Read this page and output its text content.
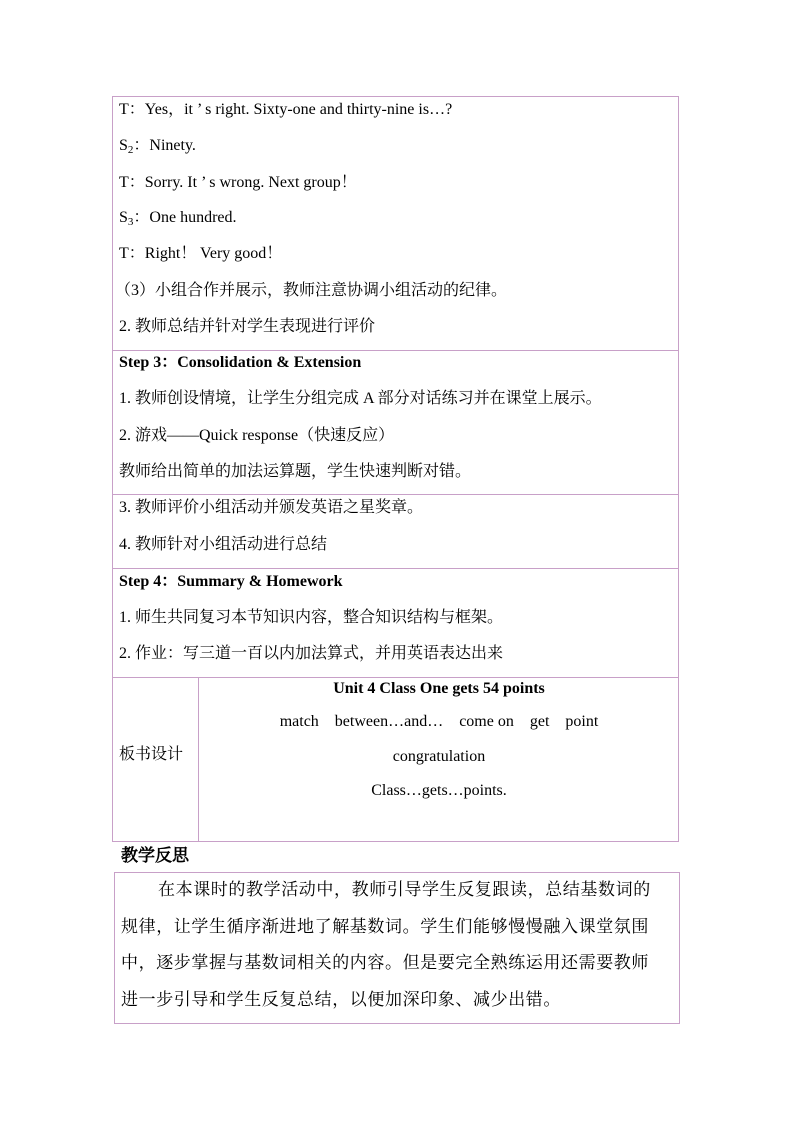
T：Yes，it ’ s right. Sixty-one and thirty-nine is…?
$S_2$：Ninety.
T：Sorry. It ’ s wrong. Next group！
$S_3$：One hundred.
T：Right！ Very good！
（3）小组合作并展示，教师注意协调小组活动的纪律。
2. 教师总结并针对学生表现进行评价
Step 3：Consolidation & Extension
1. 教师创设情境，让学生分组完成 A 部分对话练习并在课堂上展示。
2. 游戏——Quick response（快速反应）
教师给出简单的加法运算题，学生快速判断对错。
3. 教师评价小组活动并颁发英语之星奖章。
4. 教师针对小组活动进行总结
Step 4：Summary & Homework
1. 师生共同复习本节知识内容，整合知识结构与框架。
2. 作业：写三道一百以内加法算式，并用英语表达出来
板书设计
Unit 4 Class One gets 54 points
match    between…and…    come on    get    point
congratulation
Class…gets…points.
教学反思
在本课时的教学活动中，教师引导学生反复跟读，总结基数词的
规律，让学生循序渐进地了解基数词。学生们能够慢慢融入课堂氛围
中，逐步掌握与基数词相关的内容。但是要完全熟练运用还需要教师
进一步引导和学生反复总结，以便加深印象、减少出错。
